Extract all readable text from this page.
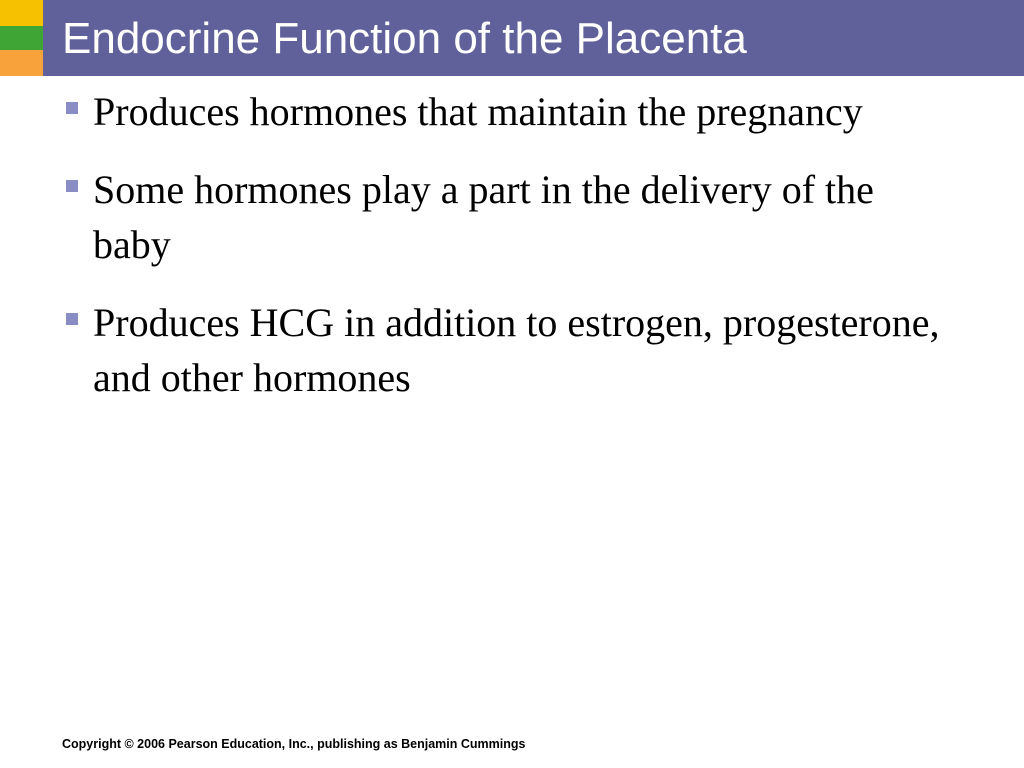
Endocrine Function of the Placenta
Produces hormones that maintain the pregnancy
Some hormones play a part in the delivery of the baby
Produces HCG in addition to estrogen, progesterone, and other hormones
Copyright © 2006 Pearson Education, Inc., publishing as Benjamin Cummings
